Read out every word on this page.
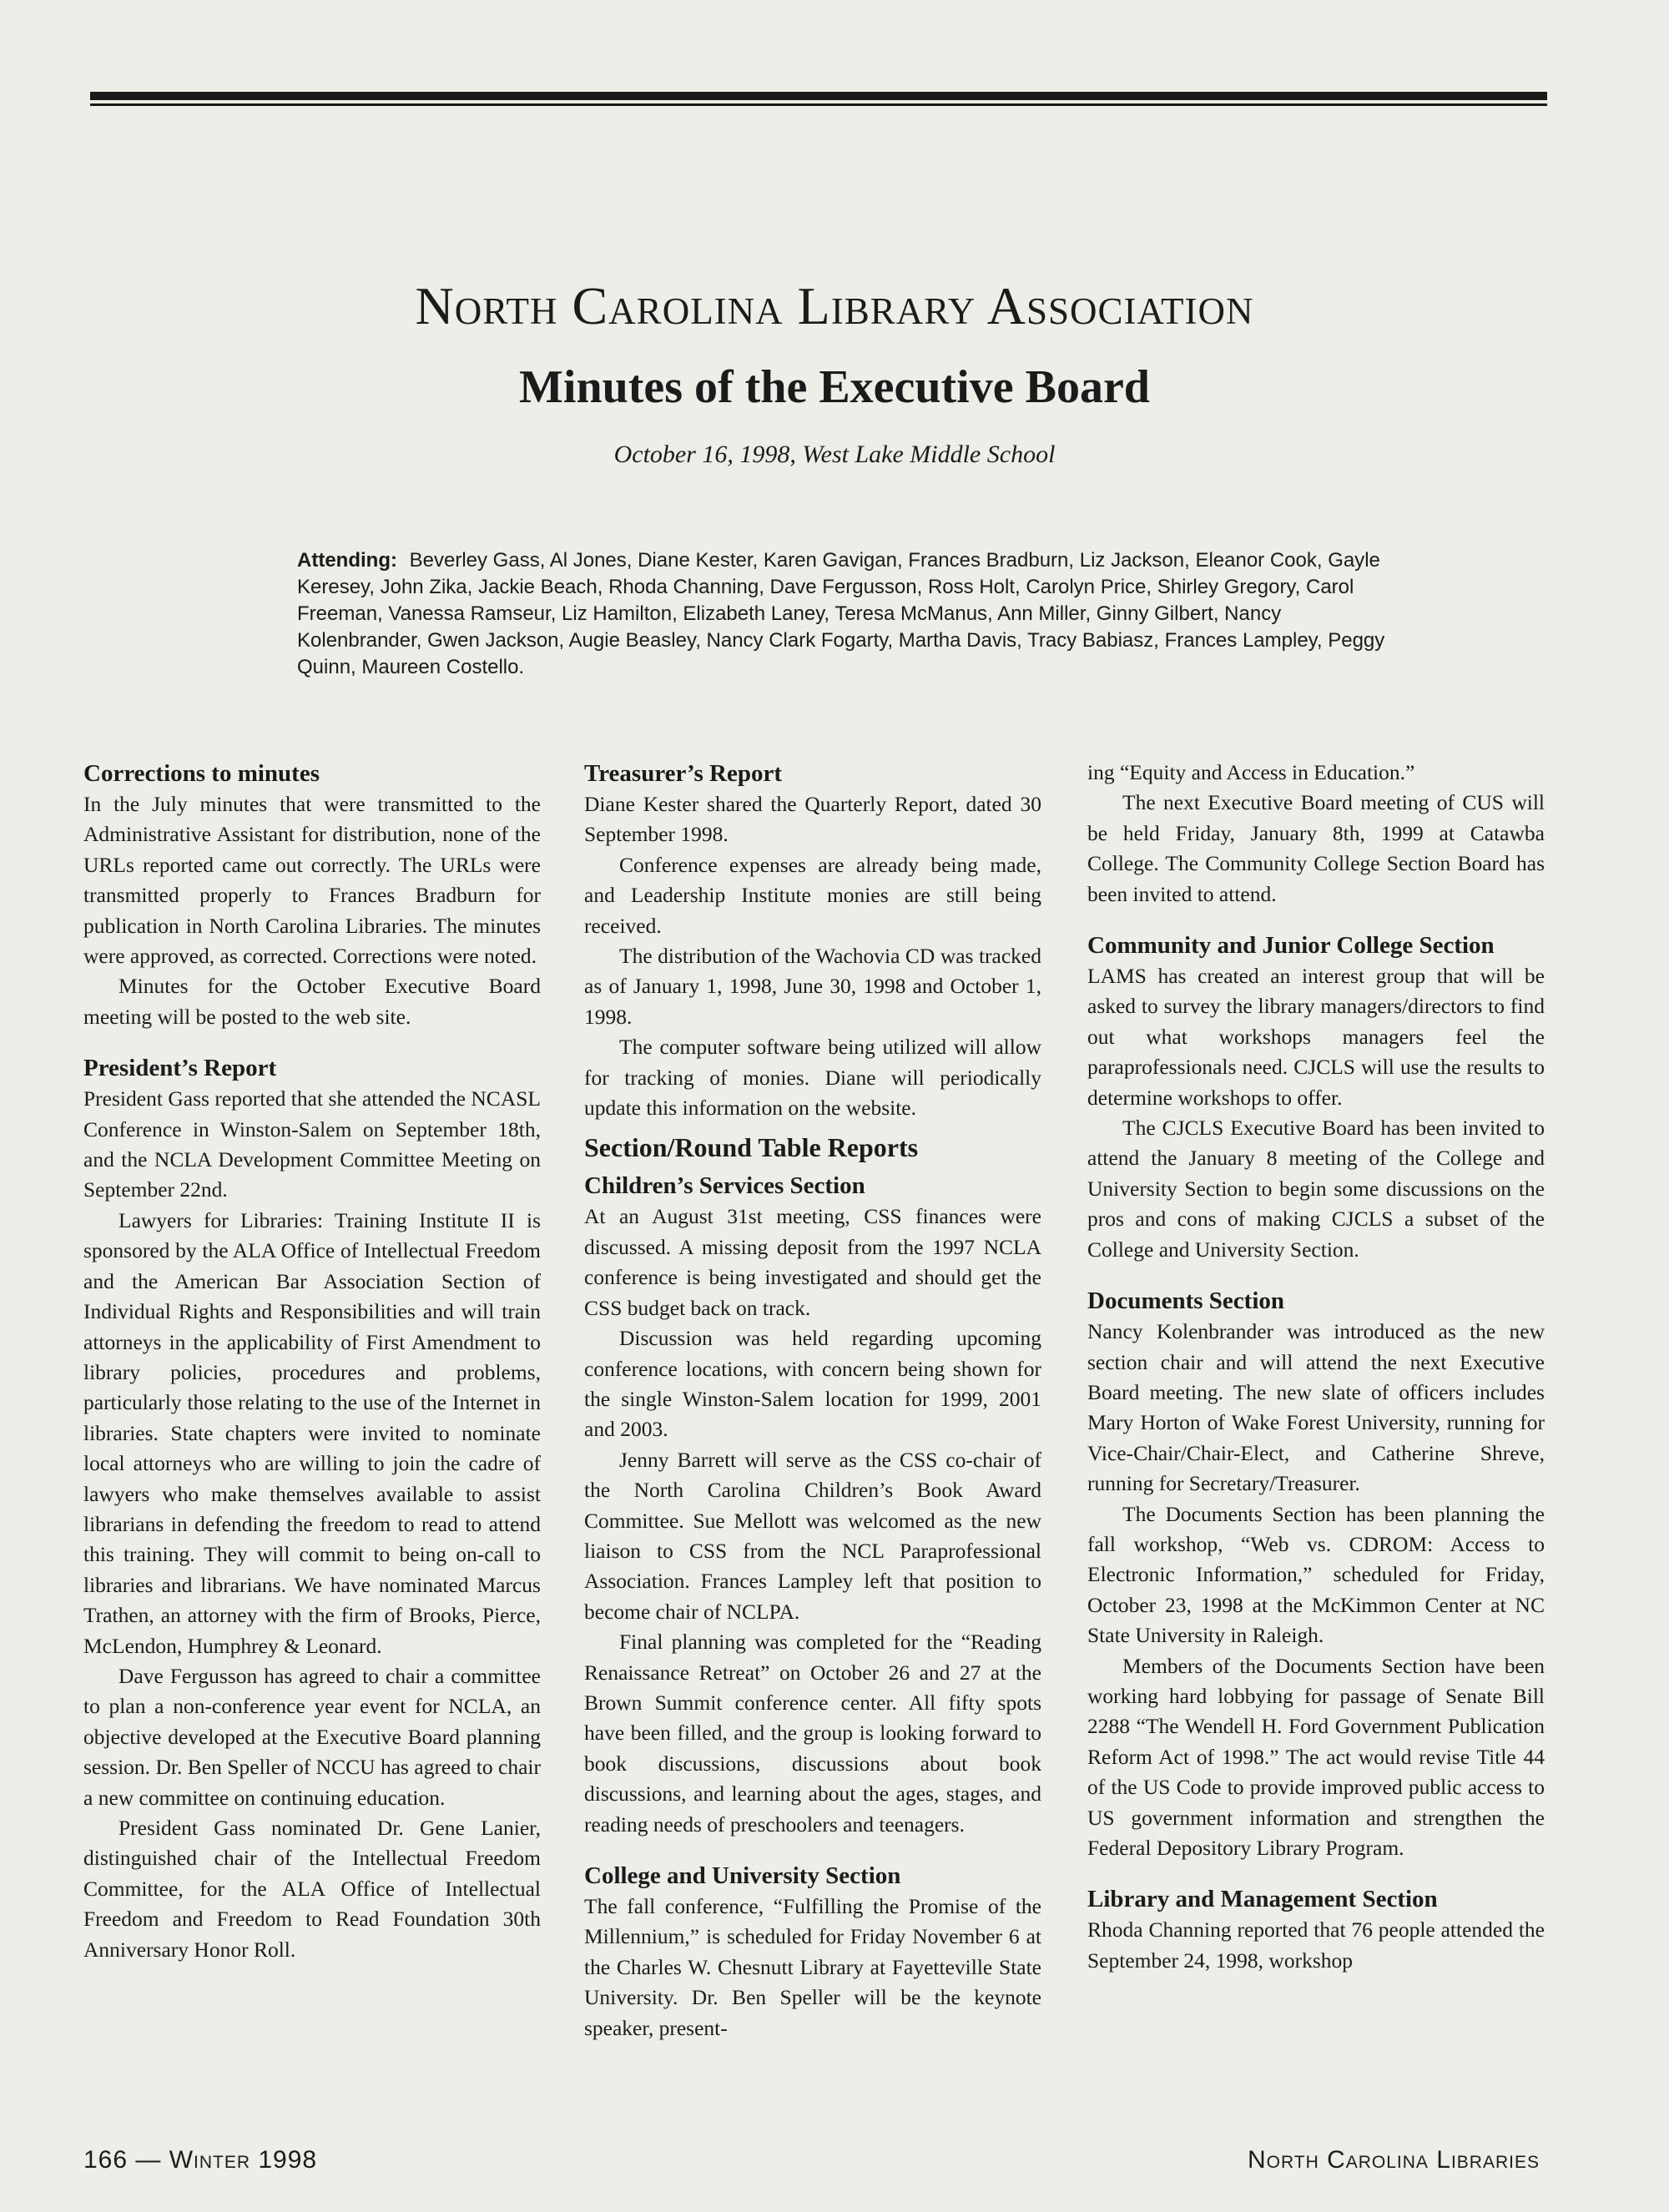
North Carolina Library Association
Minutes of the Executive Board
October 16, 1998, West Lake Middle School
Attending: Beverley Gass, Al Jones, Diane Kester, Karen Gavigan, Frances Bradburn, Liz Jackson, Eleanor Cook, Gayle Keresey, John Zika, Jackie Beach, Rhoda Channing, Dave Fergusson, Ross Holt, Carolyn Price, Shirley Gregory, Carol Freeman, Vanessa Ramseur, Liz Hamilton, Elizabeth Laney, Teresa McManus, Ann Miller, Ginny Gilbert, Nancy Kolenbrander, Gwen Jackson, Augie Beasley, Nancy Clark Fogarty, Martha Davis, Tracy Babiasz, Frances Lampley, Peggy Quinn, Maureen Costello.
Corrections to minutes

In the July minutes that were transmitted to the Administrative Assistant for distribution, none of the URLs reported came out correctly. The URLs were transmitted properly to Frances Bradburn for publication in North Carolina Libraries. The minutes were approved, as corrected. Corrections were noted.

Minutes for the October Executive Board meeting will be posted to the web site.

President’s Report

President Gass reported that she attended the NCASL Conference in Winston-Salem on September 18th, and the NCLA Development Committee Meeting on September 22nd.

Lawyers for Libraries: Training Institute II is sponsored by the ALA Office of Intellectual Freedom and the American Bar Association Section of Individual Rights and Responsibilities and will train attorneys in the applicability of First Amendment to library policies, procedures and problems, particularly those relating to the use of the Internet in libraries. State chapters were invited to nominate local attorneys who are willing to join the cadre of lawyers who make themselves available to assist librarians in defending the freedom to read to attend this training. They will commit to being on-call to libraries and librarians. We have nominated Marcus Trathen, an attorney with the firm of Brooks, Pierce, McLendon, Humphrey & Leonard.

Dave Fergusson has agreed to chair a committee to plan a non-conference year event for NCLA, an objective developed at the Executive Board planning session. Dr. Ben Speller of NCCU has agreed to chair a new committee on continuing education.

President Gass nominated Dr. Gene Lanier, distinguished chair of the Intellectual Freedom Committee, for the ALA Office of Intellectual Freedom and Freedom to Read Foundation 30th Anniversary Honor Roll.

Treasurer’s Report

Diane Kester shared the Quarterly Report, dated 30 September 1998.

Conference expenses are already being made, and Leadership Institute monies are still being received.

The distribution of the Wachovia CD was tracked as of January 1, 1998, June 30, 1998 and October 1, 1998.

The computer software being utilized will allow for tracking of monies. Diane will periodically update this information on the website.

Section/Round Table Reports
Children’s Services Section

At an August 31st meeting, CSS finances were discussed. A missing deposit from the 1997 NCLA conference is being investigated and should get the CSS budget back on track.

Discussion was held regarding upcoming conference locations, with concern being shown for the single Winston-Salem location for 1999, 2001 and 2003.

Jenny Barrett will serve as the CSS co-chair of the North Carolina Children’s Book Award Committee. Sue Mellott was welcomed as the new liaison to CSS from the NCL Paraprofessional Association. Frances Lampley left that position to become chair of NCLPA.

Final planning was completed for the “Reading Renaissance Retreat” on October 26 and 27 at the Brown Summit conference center. All fifty spots have been filled, and the group is looking forward to book discussions, discussions about book discussions, and learning about the ages, stages, and reading needs of preschoolers and teenagers.

College and University Section

The fall conference, “Fulfilling the Promise of the Millennium,” is scheduled for Friday November 6 at the Charles W. Chesnutt Library at Fayetteville State University. Dr. Ben Speller will be the keynote speaker, present-

ing “Equity and Access in Education.”

The next Executive Board meeting of CUS will be held Friday, January 8th, 1999 at Catawba College. The Community College Section Board has been invited to attend.

Community and Junior College Section

LAMS has created an interest group that will be asked to survey the library managers/directors to find out what workshops managers feel the paraprofessionals need. CJCLS will use the results to determine workshops to offer.

The CJCLS Executive Board has been invited to attend the January 8 meeting of the College and University Section to begin some discussions on the pros and cons of making CJCLS a subset of the College and University Section.

Documents Section

Nancy Kolenbrander was introduced as the new section chair and will attend the next Executive Board meeting. The new slate of officers includes Mary Horton of Wake Forest University, running for Vice-Chair/Chair-Elect, and Catherine Shreve, running for Secretary/Treasurer.

The Documents Section has been planning the fall workshop, “Web vs. CDROM: Access to Electronic Information,” scheduled for Friday, October 23, 1998 at the McKimmon Center at NC State University in Raleigh.

Members of the Documents Section have been working hard lobbying for passage of Senate Bill 2288 “The Wendell H. Ford Government Publication Reform Act of 1998.” The act would revise Title 44 of the US Code to provide improved public access to US government information and strengthen the Federal Depository Library Program.

Library and Management Section

Rhoda Channing reported that 76 people attended the September 24, 1998, workshop

166 — Winter 1998	North Carolina Libraries
